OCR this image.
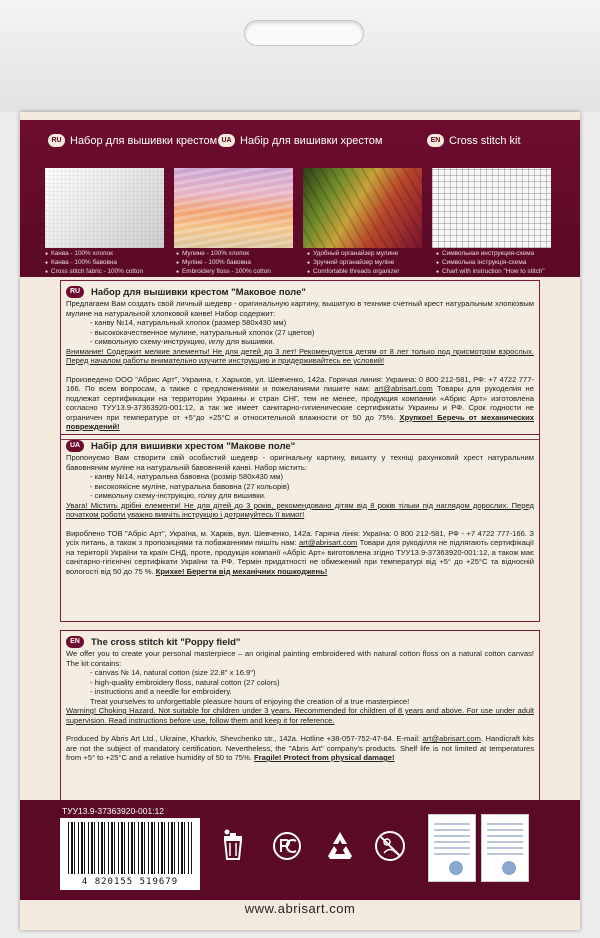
RU Набор для вышивки крестом UA Набір для вишивки хрестом	EN Cross stitch kit
● Канва - 100% хлопок
● Канва - 100% бавовна
● Cross stitch fabric - 100% cotton
● Мулине - 100% хлопок
● Муліне - 100% бавовна
● Embroidery floss - 100% cotton
● Удобный органайзер мулине
● Зручний органайзер муліне
● Comfortable threads organizer
● Символьная инструкция-схема
● Символьна інструкція-схема
● Chart with instruction "How to stitch"
RU	Набор для вышивки крестом "Маковое поле"

Предлагаем Вам создать свой личный шедевр - оригинальную картину, вышитую в технике счетный крест натуральным хлопковым мулине на натуральной хлопковой канве! Набор содержит:

- канву №14, натуральный хлопок (размер 580х430 мм)

- высококачественное мулине, натуральный хлопок (27 цветов)

- символьную схему-инструкцию, иглу для вышивки.

Внимание! Содержит мелкие элементы! Не для детей до 3 лет! Рекомендуется детям от 8 лет только под присмотром взрослых. Перед началом работы внимательно изучите инструкцию и придерживайтесь ее условий!

Произведено ООО "Абрис Арт", Украина, г. Харьков, ул. Шевченко, 142а. Горячая линия: Украина: 0 800 212-581, РФ: +7 4722 777-166. По всем вопросам, а также с предложениями и пожеланиями пишите нам: art@abrisart.com Товары для рукоделия не подлежат сертификации на территории Украины и стран СНГ, тем не менее, продукция компании «Абрис Арт» изготовлена согласно ТУУ13.9-37363920-001:12, а так же имеет санитарно-гигиенические сертификаты Украины и РФ. Срок годности не ограничен при температуре от +5°до +25°С и относительной влажности от 50 до 75%. Хрупкое! Беречь от механических повреждений!

UA	Набір для вишивки хрестом "Макове поле"

Пропонуємо Вам створити свій особистий шедевр - оригінальну картину, вишиту у техніці рахунковий хрест натуральним бавовняним муліне на натуральній бавовняній канві. Набор містить:

- канву №14, натуральна бавовна (розмір 580х430 мм)

- високоякісне муліне, натуральна бавовна (27 кольорів)

- символьну схему-інструкцію, голку для вишивки.

Увага! Містить дрібні елементи! Не для дітей до 3 років, рекомендовано дітям від 8 років тільки під наглядом дорослих. Перед початком роботи уважно вивчіть інструкцію і дотримуйтесь її вимог!

Вироблено ТОВ "Абріс Арт", Україна, м. Харків, вул. Шевченко, 142а. Гаряча лінія: Україна: 0 800 212-581, РФ - +7 4722 777-166. З усіх питань, а також з пропозиціями та побажаннями пишіть нам: art@abrisart.com Товари для рукоділля не підлягають сертифікації на території України та країн СНД, проте, продукція компанії «Абріс Арт» виготовлена згідно ТУУ13.9-37363920-001:12, а також має санітарно-гігієнічні сертифікати України та РФ. Термін придатності не обмежений при температурі від +5° до +25°С та відносній вологості від 50 до 75 %. Крихке! Берегти від механічних пошкоджень!

EN	The cross stitch kit "Poppy field"

We offer you to create your personal masterpiece – an original painting embroidered with natural cotton floss on a natural cotton canvas! The kit contains:

- canvas № 14, natural cotton (size 22.8" x 16.9")

- high-quality embroidery floss, natural cotton (27 colors)

- instructions and a needle for embroidery.

Treat yourselves to unforgettable pleasure hours of enjoying the creation of a true masterpiece!

Warning! Choking Hazard. Not suitable for children under 3 years. Recommended for children of 8 years and above. For use under adult supervision. Read instructions before use, follow them and keep it for reference.

Produced by Abris Art Ltd., Ukraine, Kharkiv, Shevchenko str., 142a. Hotline +38-057-752-47-64. E-mail: art@abrisart.com. Handicraft kits are not the subject of mandatory certification. Nevertheless, the "Abris Art" company's products. Shelf life is not limited at temperatures from +5° to +25°C and a relative humidity of 50 to 75%. Fragile! Protect from physical damage!

ТУУ13.9-37363920-001:12
4 820155 519679
www.abrisart.com
